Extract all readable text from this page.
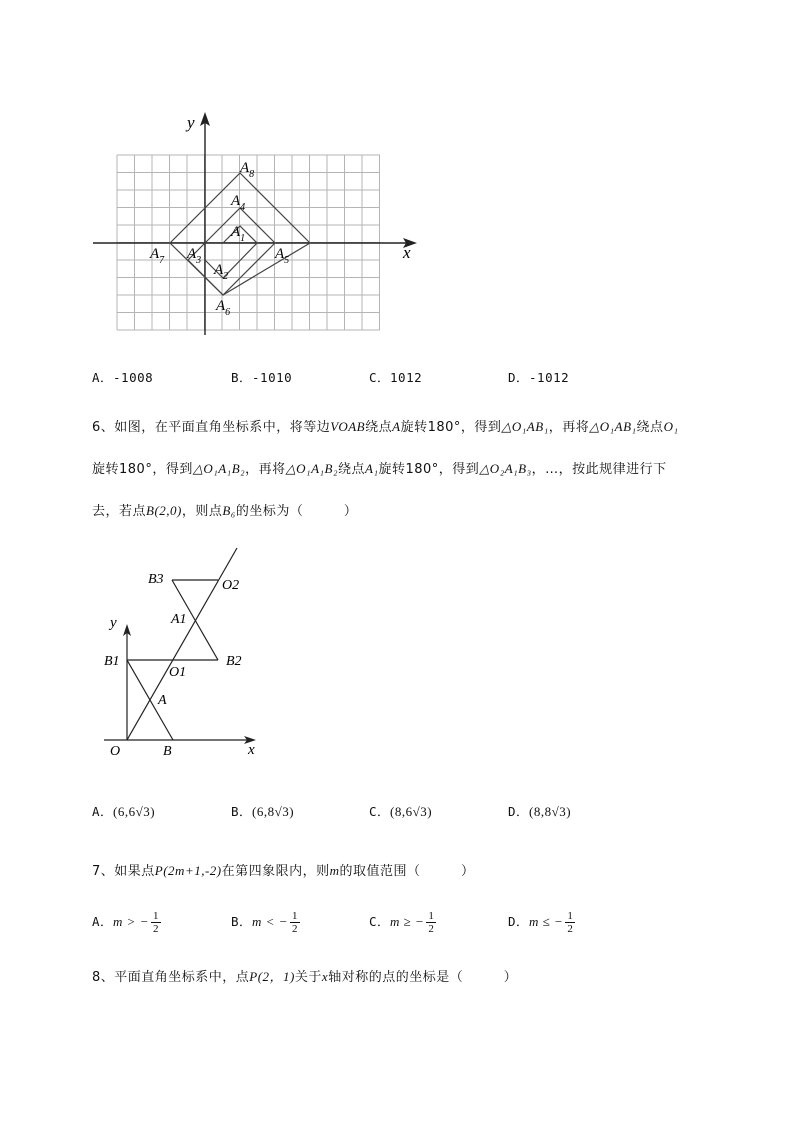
y
x
$A_8$
$A_4$
$A_1$
$A_7$ $A_3$	$A_5$
$A_2$
$A_6$
A．-1008	B．-1010	C．1012	D．-1012
6、如图，在平面直角坐标系中，将等边VOAB绕点A旋转180°，得到△O₁AB₁，再将△O₁AB₁绕点O₁
旋转180°，得到△O₁A₁B₂，再将△O₁A₁B₂绕点A₁旋转180°，得到△O₂A₁B₃，…，按此规律进行下
去，若点B(2,0)，则点B₆的坐标为（　　　）
B3	O2
A1
y
B1
O1
B2
A
O	B	x
A．(6,6√3)	B．(6,8√3)	C．(8,6√3)	D．(8,8√3)
7、如果点P(2m+1,-2)在第四象限内，则m的取值范围（　　　）
A．m > − $\frac{1}{2}$	B．m < − $\frac{1}{2}$	C．m ≥ − $\frac{1}{2}$	D．m ≤ − $\frac{1}{2}$
8、平面直角坐标系中，点P(2，1)关于x轴对称的点的坐标是（　　　）
